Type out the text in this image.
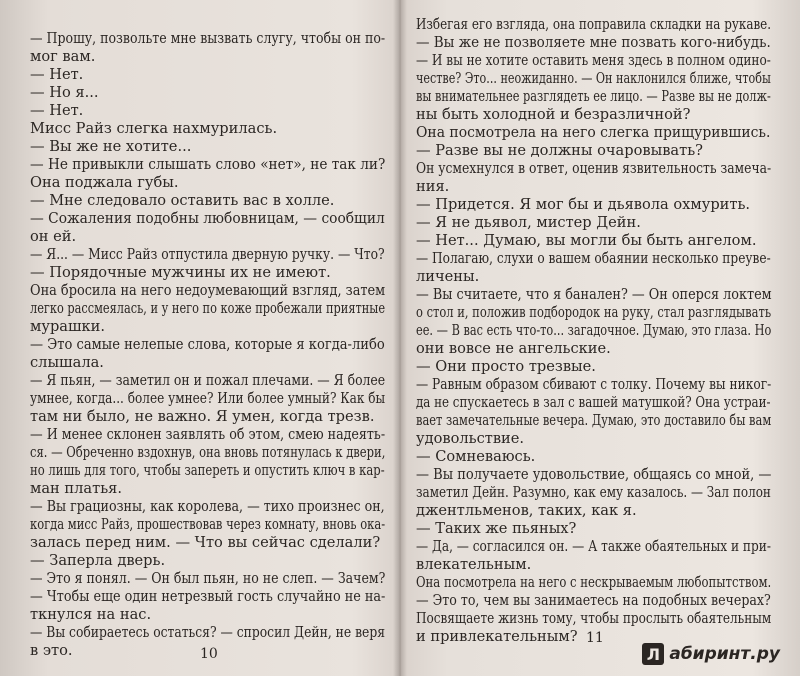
— Прошу, позвольте мне вызвать слугу, чтобы он по-
мог вам.
— Нет.
— Но я...
— Нет.
Мисс Райз слегка нахмурилась.
— Вы же не хотите...
— Не привыкли слышать слово «нет», не так ли?
Она поджала губы.
— Мне следовало оставить вас в холле.
— Сожаления подобны любовницам, — сообщил
он ей.
— Я... — Мисс Райз отпустила дверную ручку. — Что?
— Порядочные мужчины их не имеют.
Она бросила на него недоумевающий взгляд, затем
легко рассмеялась, и у него по коже пробежали приятные
мурашки.
— Это самые нелепые слова, которые я когда-либо
слышала.
— Я пьян, — заметил он и пожал плечами. — Я более
умнее, когда... более умнее? Или более умный? Как бы
там ни было, не важно. Я умен, когда трезв.
— И менее склонен заявлять об этом, смею надеять-
ся. — Обреченно вздохнув, она вновь потянулась к двери,
но лишь для того, чтобы запереть и опустить ключ в кар-
ман платья.
— Вы грациозны, как королева, — тихо произнес он,
когда мисс Райз, прошествовав через комнату, вновь ока-
залась перед ним. — Что вы сейчас сделали?
— Заперла дверь.
— Это я понял. — Он был пьян, но не слеп. — Зачем?
— Чтобы еще один нетрезвый гость случайно не на-
ткнулся на нас.
— Вы собираетесь остаться? — спросил Дейн, не веря
в это.	10
Избегая его взгляда, она поправила складки на рукаве.
— Вы же не позволяете мне позвать кого-нибудь.
— И вы не хотите оставить меня здесь в полном одино-
честве? Это... неожиданно. — Он наклонился ближе, чтобы
вы внимательнее разглядеть ее лицо. — Разве вы не долж-
ны быть холодной и безразличной?
Она посмотрела на него слегка прищурившись.
— Разве вы не должны очаровывать?
Он усмехнулся в ответ, оценив язвительность замеча-
ния.
— Придется. Я мог бы и дьявола охмурить.
— Я не дьявол, мистер Дейн.
— Нет... Думаю, вы могли бы быть ангелом.
— Полагаю, слухи о вашем обаянии несколько преуве-
личены.
— Вы считаете, что я банален? — Он оперся локтем
о стол и, положив подбородок на руку, стал разглядывать
ее. — В вас есть что-то... загадочное. Думаю, это глаза. Но
они вовсе не ангельские.
— Они просто трезвые.
— Равным образом сбивают с толку. Почему вы никог-
да не спускаетесь в зал с вашей матушкой? Она устраи-
вает замечательные вечера. Думаю, это доставило бы вам
удовольствие.
— Сомневаюсь.
— Вы получаете удовольствие, общаясь со мной, —
заметил Дейн. Разумно, как ему казалось. — Зал полон
джентльменов, таких, как я.
— Таких же пьяных?
— Да, — согласился он. — А также обаятельных и при-
влекательным.
Она посмотрела на него с нескрываемым любопытством.
— Это то, чем вы занимаетесь на подобных вечерах?
Посвящаете жизнь тому, чтобы прослыть обаятельным
и привлекательным? 11
Л абиринт.ру
